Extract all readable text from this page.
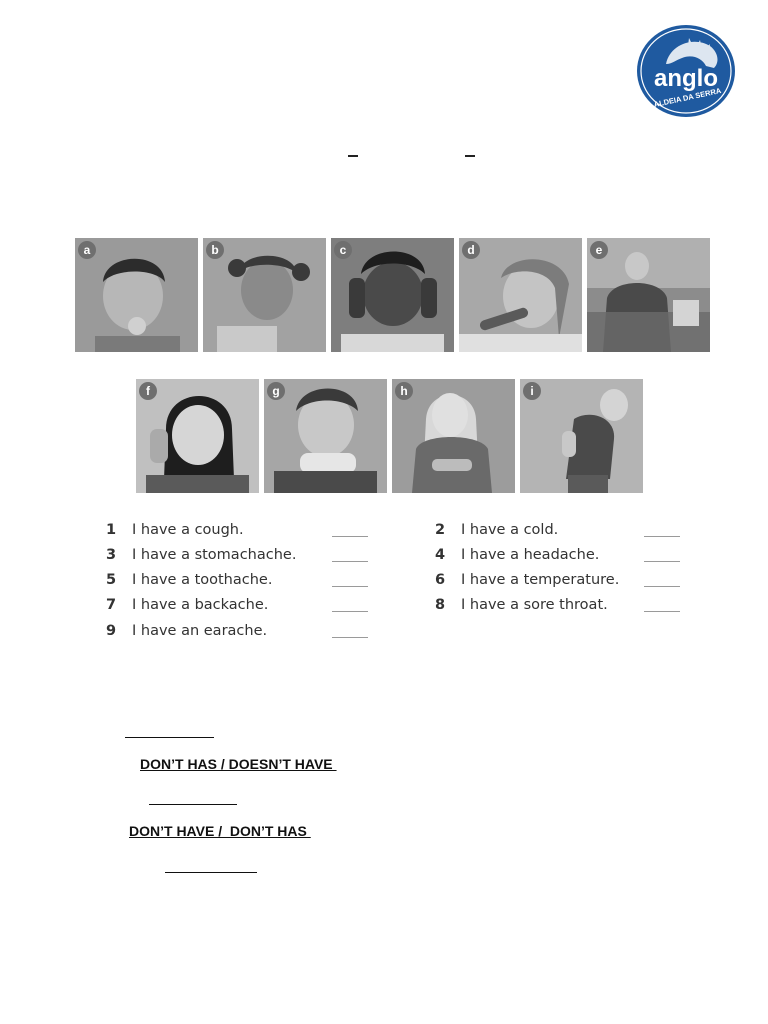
anglo
ALDEIA DA SERRA
a	b	c	d	e
f	g	h	i
1	I have a cough.
3	I have a stomachache.
5	I have a toothache.
7	I have a backache.
9	I have an earache.
2	I have a cold.
4	I have a headache.
6	I have a temperature.
8	I have a sore throat.
DON’T HAS / DOESN’T HAVE
DON’T HAVE /  DON’T HAS
